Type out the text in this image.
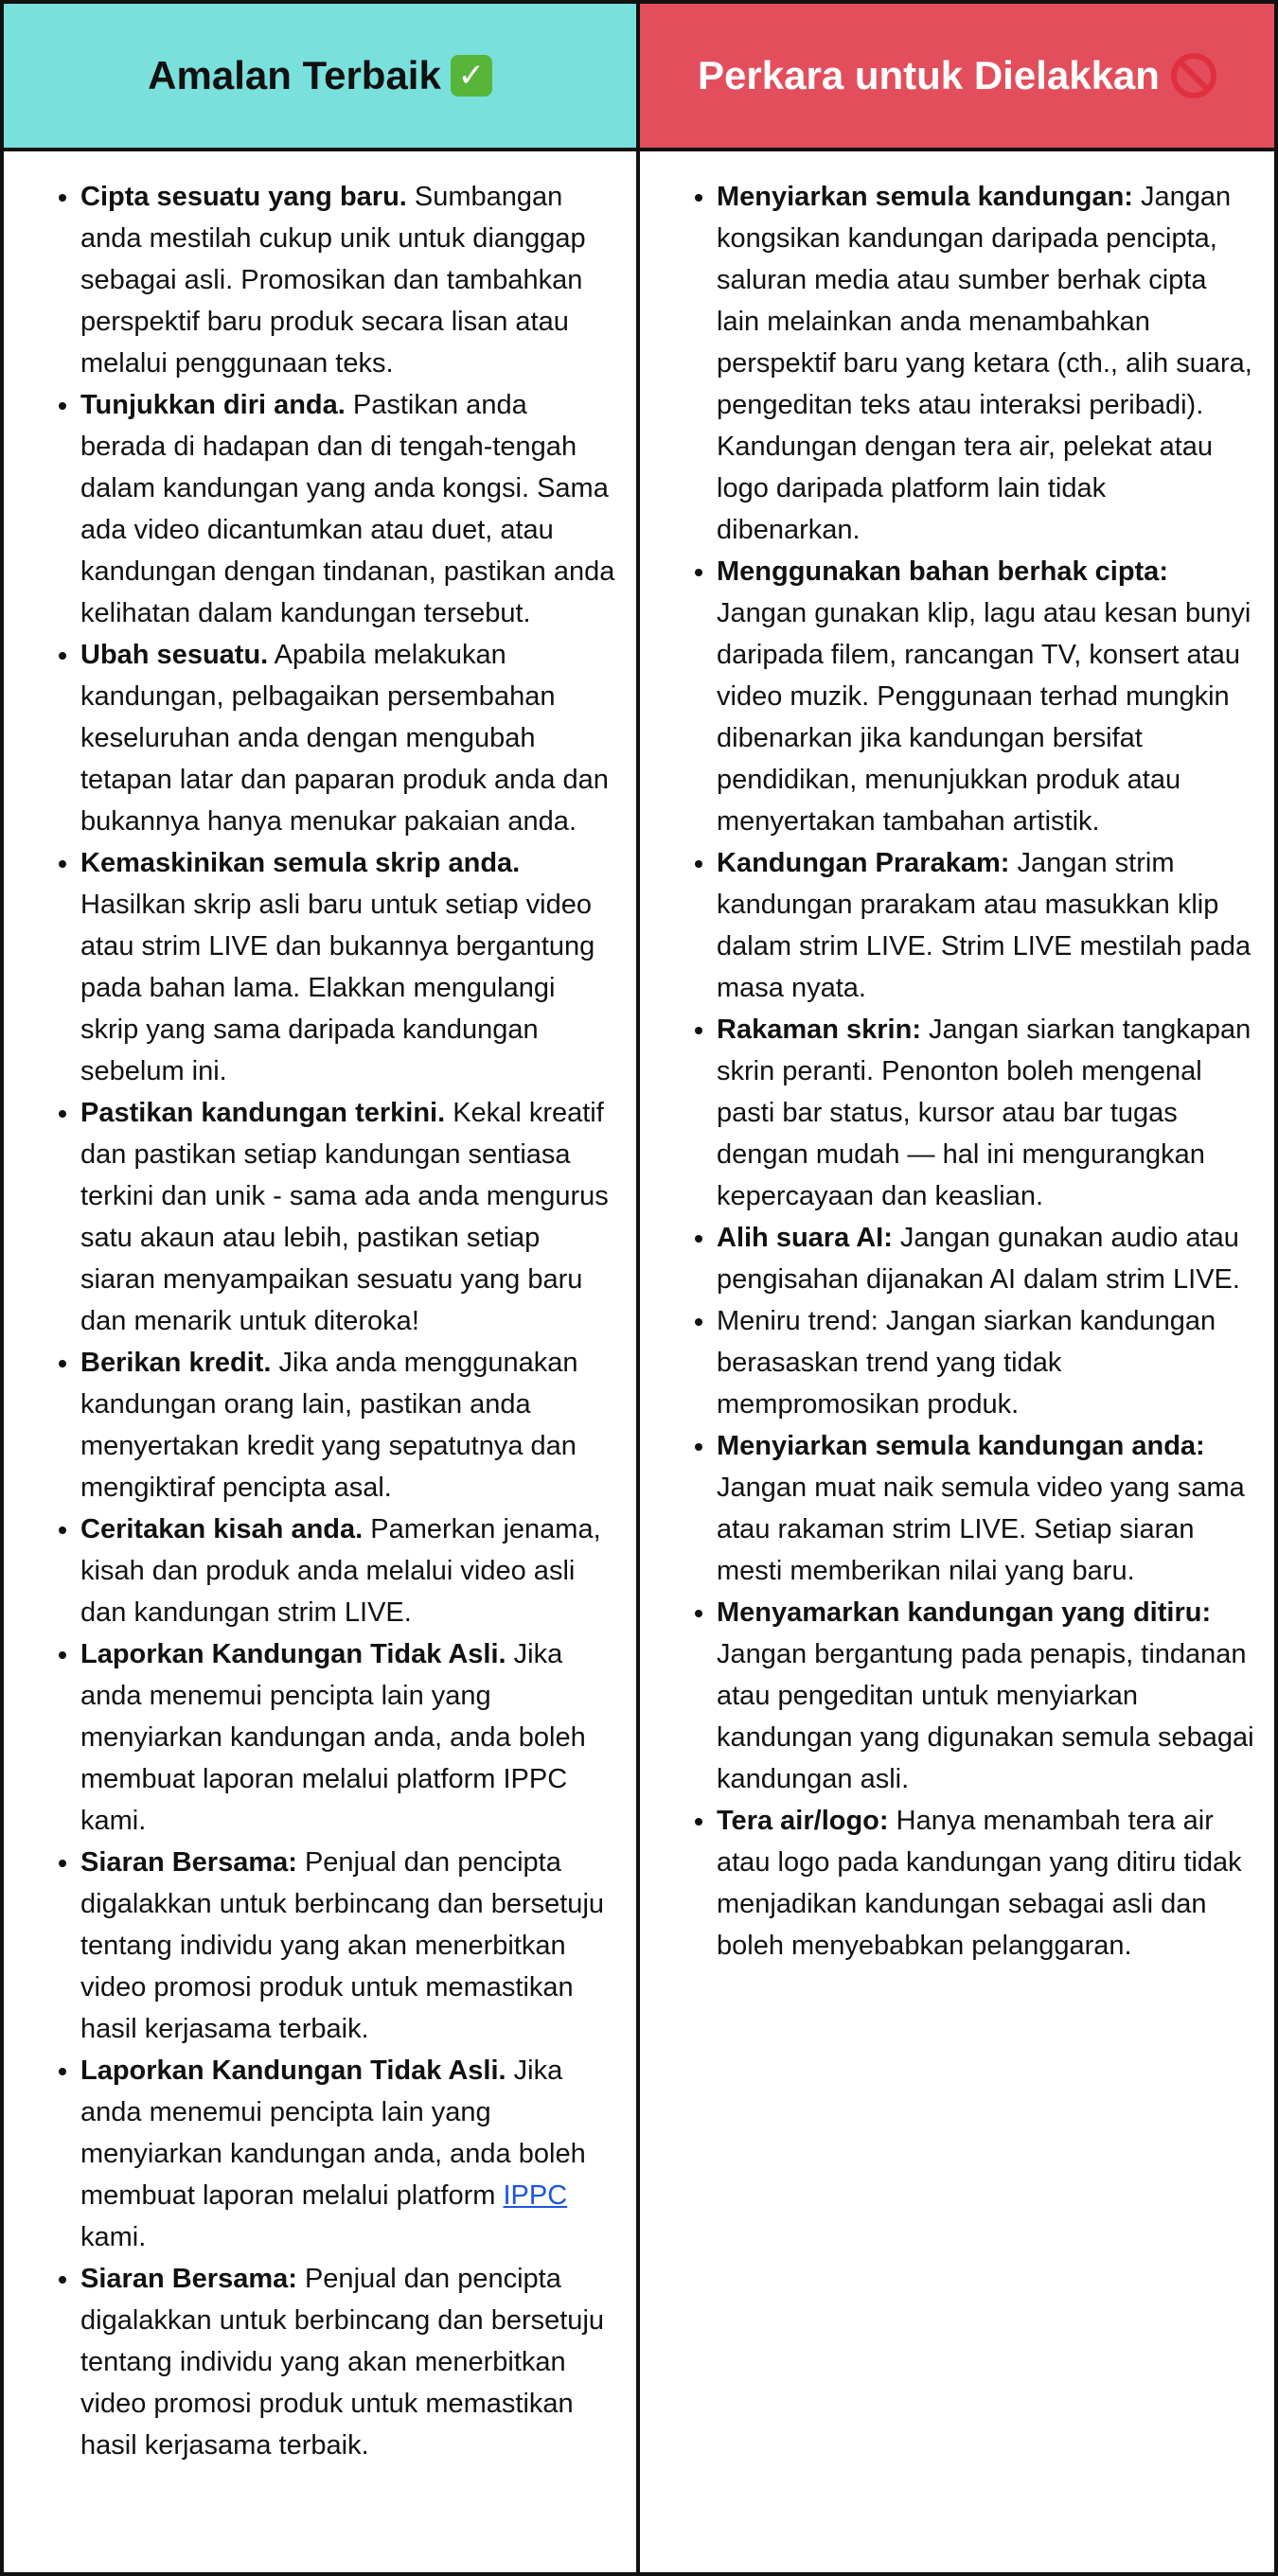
Amalan Terbaik ✓	Perkara untuk Dielakkan
• Cipta sesuatu yang baru. Sumbangan anda mestilah cukup unik untuk dianggap sebagai asli. Promosikan dan tambahkan perspektif baru produk secara lisan atau melalui penggunaan teks.
• Tunjukkan diri anda. Pastikan anda berada di hadapan dan di tengah-tengah dalam kandungan yang anda kongsi. Sama ada video dicantumkan atau duet, atau kandungan dengan tindanan, pastikan anda kelihatan dalam kandungan tersebut.
• Ubah sesuatu. Apabila melakukan kandungan, pelbagaikan persembahan keseluruhan anda dengan mengubah tetapan latar dan paparan produk anda dan bukannya hanya menukar pakaian anda.
• Kemaskinikan semula skrip anda. Hasilkan skrip asli baru untuk setiap video atau strim LIVE dan bukannya bergantung pada bahan lama. Elakkan mengulangi skrip yang sama daripada kandungan sebelum ini.
• Pastikan kandungan terkini. Kekal kreatif dan pastikan setiap kandungan sentiasa terkini dan unik - sama ada anda mengurus satu akaun atau lebih, pastikan setiap siaran menyampaikan sesuatu yang baru dan menarik untuk diteroka!
• Berikan kredit. Jika anda menggunakan kandungan orang lain, pastikan anda menyertakan kredit yang sepatutnya dan mengiktiraf pencipta asal.
• Ceritakan kisah anda. Pamerkan jenama, kisah dan produk anda melalui video asli dan kandungan strim LIVE.
• Laporkan Kandungan Tidak Asli. Jika anda menemui pencipta lain yang menyiarkan kandungan anda, anda boleh membuat laporan melalui platform IPPC kami.
• Siaran Bersama: Penjual dan pencipta digalakkan untuk berbincang dan bersetuju tentang individu yang akan menerbitkan video promosi produk untuk memastikan hasil kerjasama terbaik.
• Laporkan Kandungan Tidak Asli. Jika anda menemui pencipta lain yang menyiarkan kandungan anda, anda boleh membuat laporan melalui platform IPPC kami.
• Siaran Bersama: Penjual dan pencipta digalakkan untuk berbincang dan bersetuju tentang individu yang akan menerbitkan video promosi produk untuk memastikan hasil kerjasama terbaik.
• Menyiarkan semula kandungan: Jangan kongsikan kandungan daripada pencipta, saluran media atau sumber berhak cipta lain melainkan anda menambahkan perspektif baru yang ketara (cth., alih suara, pengeditan teks atau interaksi peribadi). Kandungan dengan tera air, pelekat atau logo daripada platform lain tidak dibenarkan.
• Menggunakan bahan berhak cipta: Jangan gunakan klip, lagu atau kesan bunyi daripada filem, rancangan TV, konsert atau video muzik. Penggunaan terhad mungkin dibenarkan jika kandungan bersifat pendidikan, menunjukkan produk atau menyertakan tambahan artistik.
• Kandungan Prarakam: Jangan strim kandungan prarakam atau masukkan klip dalam strim LIVE. Strim LIVE mestilah pada masa nyata.
• Rakaman skrin: Jangan siarkan tangkapan skrin peranti. Penonton boleh mengenal pasti bar status, kursor atau bar tugas dengan mudah — hal ini mengurangkan kepercayaan dan keaslian.
• Alih suara AI: Jangan gunakan audio atau pengisahan dijanakan AI dalam strim LIVE.
• Meniru trend: Jangan siarkan kandungan berasaskan trend yang tidak mempromosikan produk.
• Menyiarkan semula kandungan anda: Jangan muat naik semula video yang sama atau rakaman strim LIVE. Setiap siaran mesti memberikan nilai yang baru.
• Menyamarkan kandungan yang ditiru: Jangan bergantung pada penapis, tindanan atau pengeditan untuk menyiarkan kandungan yang digunakan semula sebagai kandungan asli.
• Tera air/logo: Hanya menambah tera air atau logo pada kandungan yang ditiru tidak menjadikan kandungan sebagai asli dan boleh menyebabkan pelanggaran.
